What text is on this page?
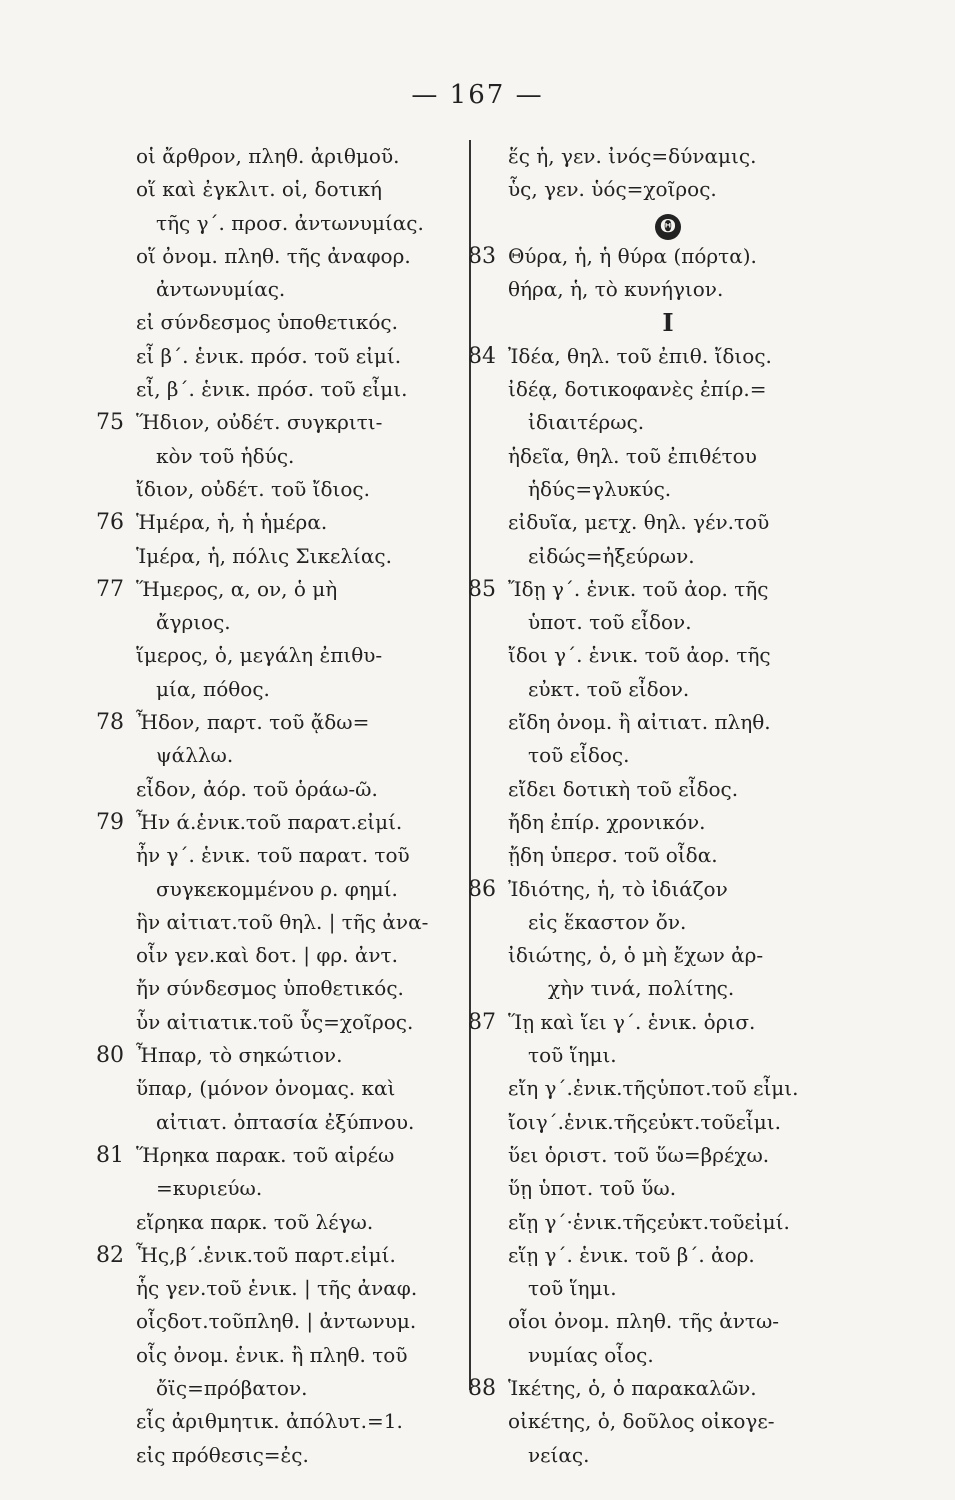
— 167 —
οἱ ἄρθρον, πληθ. ἀριθμοῦ.
οἵ καὶ ἐγκλιτ. οἱ, δοτική
τῆς γ΄. προσ. ἀντωνυμίας.
οἵ ὀνομ. πληθ. τῆς ἀναφορ.
ἀντωνυμίας.
εἰ σύνδεσμος ὑποθετικός.
εἶ β΄. ἑνικ. πρόσ. τοῦ εἰμί.
εἶ, β΄. ἑνικ. πρόσ. τοῦ εἶμι.
75 Ἥδιον, οὐδέτ. συγκριτι-
κὸν τοῦ ἡδύς.
ἴδιον, οὐδέτ. τοῦ ἴδιος.
76 Ἡμέρα, ἡ, ἡ ἡμέρα.
Ἱμέρα, ἡ, πόλις Σικελίας.
77 Ἥμερος, α, ον, ὁ μὴ
ἄγριος.
ἵμερος, ὁ, μεγάλη ἐπιθυ-
μία, πόθος.
78 Ἦδον, παρτ. τοῦ ᾄδω=
ψάλλω.
εἶδον, ἀόρ. τοῦ ὁράω-ῶ.
79 Ἦν ά.ἑνικ.τοῦ παρατ.εἰμί.
ἦν γ΄. ἑνικ. τοῦ παρατ. τοῦ
συγκεκομμένου ρ. φημί.
ἣν αἰτιατ.τοῦ θηλ. | τῆς ἀνα-
οἷν γεν.καὶ δοτ. | φρ. ἀντ.
ἤν σύνδεσμος ὑποθετικός.
ὗν αἰτιατικ.τοῦ ὗς=χοῖρος.
80 Ἦπαρ, τὸ σηκώτιον.
ὕπαρ, (μόνον ὀνομας. καὶ
αἰτιατ. ὀπτασία ἐξύπνου.
81 Ἥρηκα παρακ. τοῦ αἱρέω
=κυριεύω.
εἴρηκα παρκ. τοῦ λέγω.
82 Ἧς,β΄.ἑνικ.τοῦ παρτ.εἰμί.
ἧς γεν.τοῦ ἑνικ. | τῆς ἀναφ.
οἷςδοτ.τοῦπληθ. | ἀντωνυμ.
οἷς ὀνομ. ἑνικ. ἢ πληθ. τοῦ
ὄϊς=πρόβατον.
εἷς ἀριθμητικ. ἀπόλυτ.=1.
εἰς πρόθεσις=ἐς.
ἕς ἡ, γεν. ἰνός=δύναμις.
ὗς, γεν. ὑός=χοῖρος.
Θ
83 Θύρα, ἡ, ἡ θύρα (πόρτα).
θήρα, ἡ, τὸ κυνήγιον.
I
84 Ἰδέα, θηλ. τοῦ ἐπιθ. ἴδιος.
ἰδέᾳ, δοτικοφανὲς ἐπίρ.=
ἰδιαιτέρως.
ἡδεῖα, θηλ. τοῦ ἐπιθέτου
ἡδύς=γλυκύς.
εἰδυῖα, μετχ. θηλ. γέν.τοῦ
εἰδώς=ἠξεύρων.
85 Ἴδῃ γ΄. ἑνικ. τοῦ ἀορ. τῆς
ὑποτ. τοῦ εἶδον.
ἴδοι γ΄. ἑνικ. τοῦ ἀορ. τῆς
εὐκτ. τοῦ εἶδον.
εἴδη ὀνομ. ἢ αἰτιατ. πληθ.
τοῦ εἶδος.
εἴδει δοτικὴ τοῦ εἶδος.
ἤδη ἐπίρ. χρονικόν.
ᾔδη ὑπερσ. τοῦ οἶδα.
86 Ἰδιότης, ἡ, τὸ ἰδιάζον
εἰς ἕκαστον ὄν.
ἰδιώτης, ὁ, ὁ μὴ ἔχων ἀρ-
χὴν τινά, πολίτης.
87 Ἵῃ καὶ ἵει γ΄. ἑνικ. ὁρισ.
τοῦ ἵημι.
εἴη γ΄.ἑνικ.τῆςὑποτ.τοῦ εἶμι.
ἴοιγ΄.ἑνικ.τῆςεὐκτ.τοῦεἶμι.
ὕει ὁριστ. τοῦ ὕω=βρέχω.
ὕῃ ὑποτ. τοῦ ὕω.
εἴῃ γ΄·ἑνικ.τῆςεὐκτ.τοῦεἰμί.
εἵῃ γ΄. ἑνικ. τοῦ β΄. ἀορ.
τοῦ ἵημι.
οἷοι ὀνομ. πληθ. τῆς ἀντω-
νυμίας οἷος.
88 Ἱκέτης, ὁ, ὁ παρακαλῶν.
οἰκέτης, ὁ, δοῦλος οἰκογε-
νείας.
